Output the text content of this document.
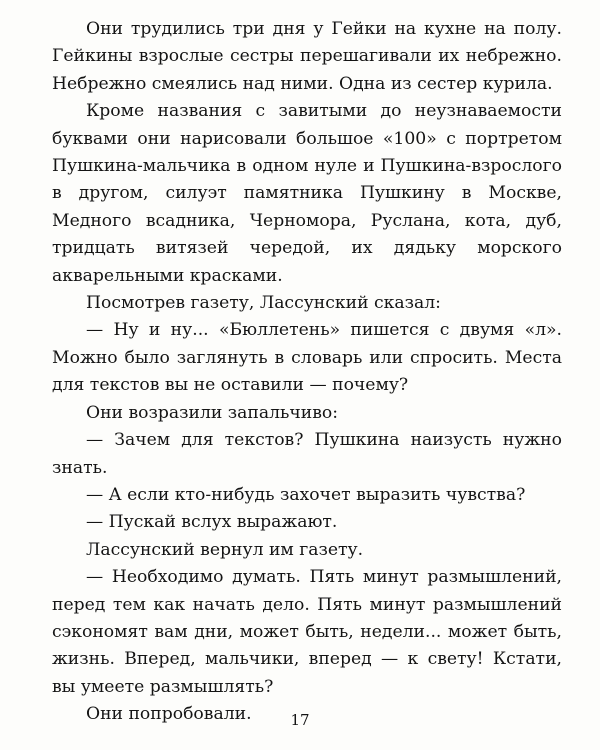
Они трудились три дня у Гейки на кухне на полу. Гейкины взрослые сестры перешагивали их небрежно. Небрежно смеялись над ними. Одна из сестер курила.

Кроме названия с завитыми до неузнаваемости буквами они нарисовали большое «100» с портретом Пушкина-мальчика в одном нуле и Пушкина-взрослого в другом, силуэт памятника Пушкину в Москве, Медного всадника, Черномора, Руслана, кота, дуб, тридцать витязей чередой, их дядьку морского акварельными красками.

Посмотрев газету, Лассунский сказал:

— Ну и ну... «Бюллетень» пишется с двумя «л». Можно было заглянуть в словарь или спросить. Места для текстов вы не оставили — почему?

Они возразили запальчиво:

— Зачем для текстов? Пушкина наизусть нужно знать.

— А если кто-нибудь захочет выразить чувства?

— Пускай вслух выражают.

Лассунский вернул им газету.

— Необходимо думать. Пять минут размышлений, перед тем как начать дело. Пять минут размышлений сэкономят вам дни, может быть, недели... может быть, жизнь. Вперед, мальчики, вперед — к свету! Кстати, вы умеете размышлять?

Они попробовали.	17
